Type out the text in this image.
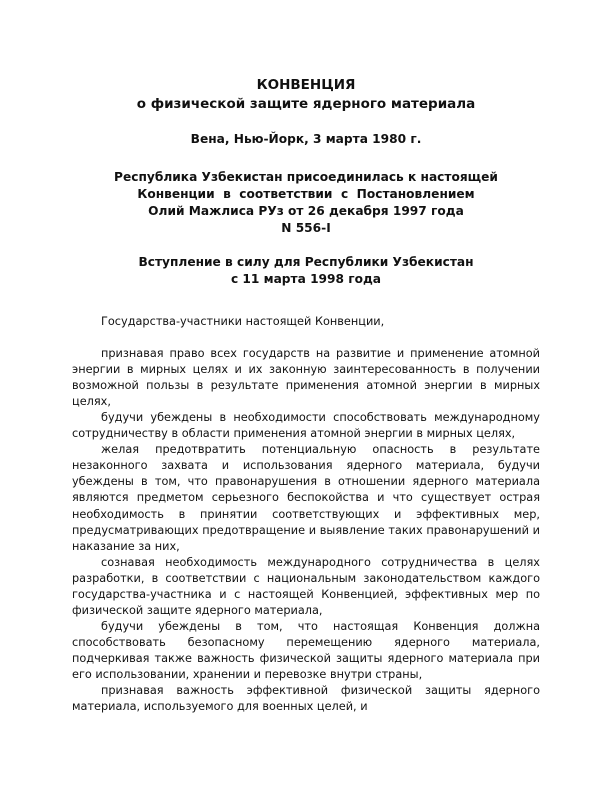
КОНВЕНЦИЯ
о физической защите ядерного материала
Вена, Нью-Йорк, 3 марта 1980 г.
Республика Узбекистан присоединилась к настоящей
Конвенции  в  соответствии  с  Постановлением
Олий Мажлиса РУз от 26 декабря 1997 года
N 556-I
Вступление в силу для Республики Узбекистан
с 11 марта 1998 года

Государства-участники настоящей Конвенции,

признавая право всех государств на развитие и применение атомной энергии в мирных целях и их законную заинтересованность в получении возможной пользы в результате применения атомной энергии в мирных целях,

будучи убеждены в необходимости способствовать международному сотрудничеству в области применения атомной энергии в мирных целях,

желая предотвратить потенциальную опасность в результате незаконного захвата и использования ядерного материала, будучи убеждены в том, что правонарушения в отношении ядерного материала являются предметом серьезного беспокойства и что существует острая необходимость в принятии соответствующих и эффективных мер, предусматривающих предотвращение и выявление таких правонарушений и наказание за них,

сознавая необходимость международного сотрудничества в целях разработки, в соответствии с национальным законодательством каждого государства-участника и с настоящей Конвенцией, эффективных мер по физической защите ядерного материала,

будучи убеждены в том, что настоящая Конвенция должна способствовать безопасному перемещению ядерного материала, подчеркивая также важность физической защиты ядерного материала при его использовании, хранении и перевозке внутри страны,

признавая важность эффективной физической защиты ядерного материала, используемого для военных целей, и
